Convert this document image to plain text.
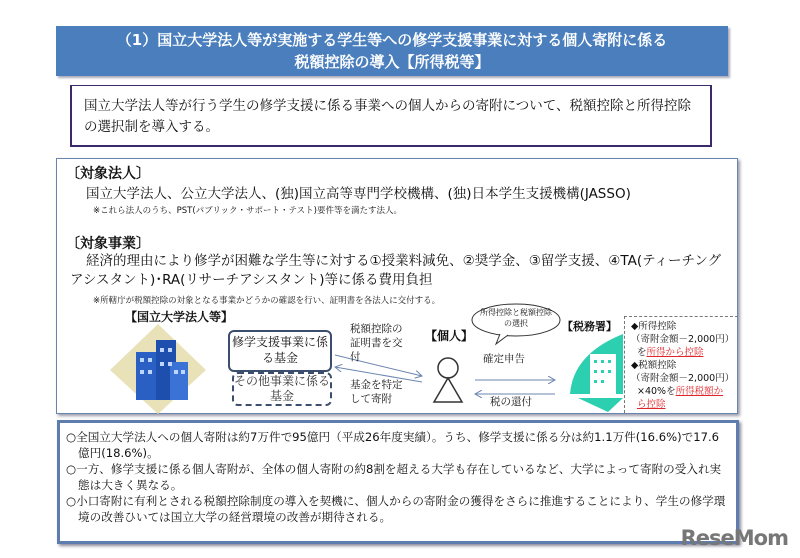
（1）国立大学法人等が実施する学生等への修学支援事業に対する個人寄附に係る
税額控除の導入【所得税等】
国立大学法人等が行う学生の修学支援に係る事業への個人からの寄附について、税額控除と所得控除の選択制を導入する。
〔対象法人〕
国立大学法人、公立大学法人、(独)国立高等専門学校機構、(独)日本学生支援機構(JASSO)
※これら法人のうち、PST(パブリック・サポート・テスト)要件等を満たす法人。
〔対象事業〕
経済的理由により修学が困難な学生等に対する①授業料減免、②奨学金、③留学支援、④TA(ティーチングアシスタント)･RA(リサーチアシスタント)等に係る費用負担
※所轄庁が税額控除の対象となる事業かどうかの確認を行い、証明書を各法人に交付する。
【国立大学法人等】
修学支援事業に係る基金
その他事業に係る基金
税額控除の証明書を交付
基金を特定して寄附
【個人】
所得控除と税額控除の選択
確定申告
税の還付
【税務署】 ◆所得控除
（寄附金額－2,000円）
を所得から控除
◆税額控除
（寄附金額－2,000円）
×40%を所得税額から控除

○全国立大学法人への個人寄附は約7万件で95億円（平成26年度実績）。うち、修学支援に係る分は約1.1万件(16.6%)で17.6億円(18.6%)。

○一方、修学支援に係る個人寄附が、全体の個人寄附の約8割を超える大学も存在しているなど、大学によって寄附の受入れ実態は大きく異なる。

○小口寄附に有利とされる税額控除制度の導入を契機に、個人からの寄附金の獲得をさらに推進することにより、学生の修学環境の改善ひいては国立大学の経営環境の改善が期待される。

ReseMom
